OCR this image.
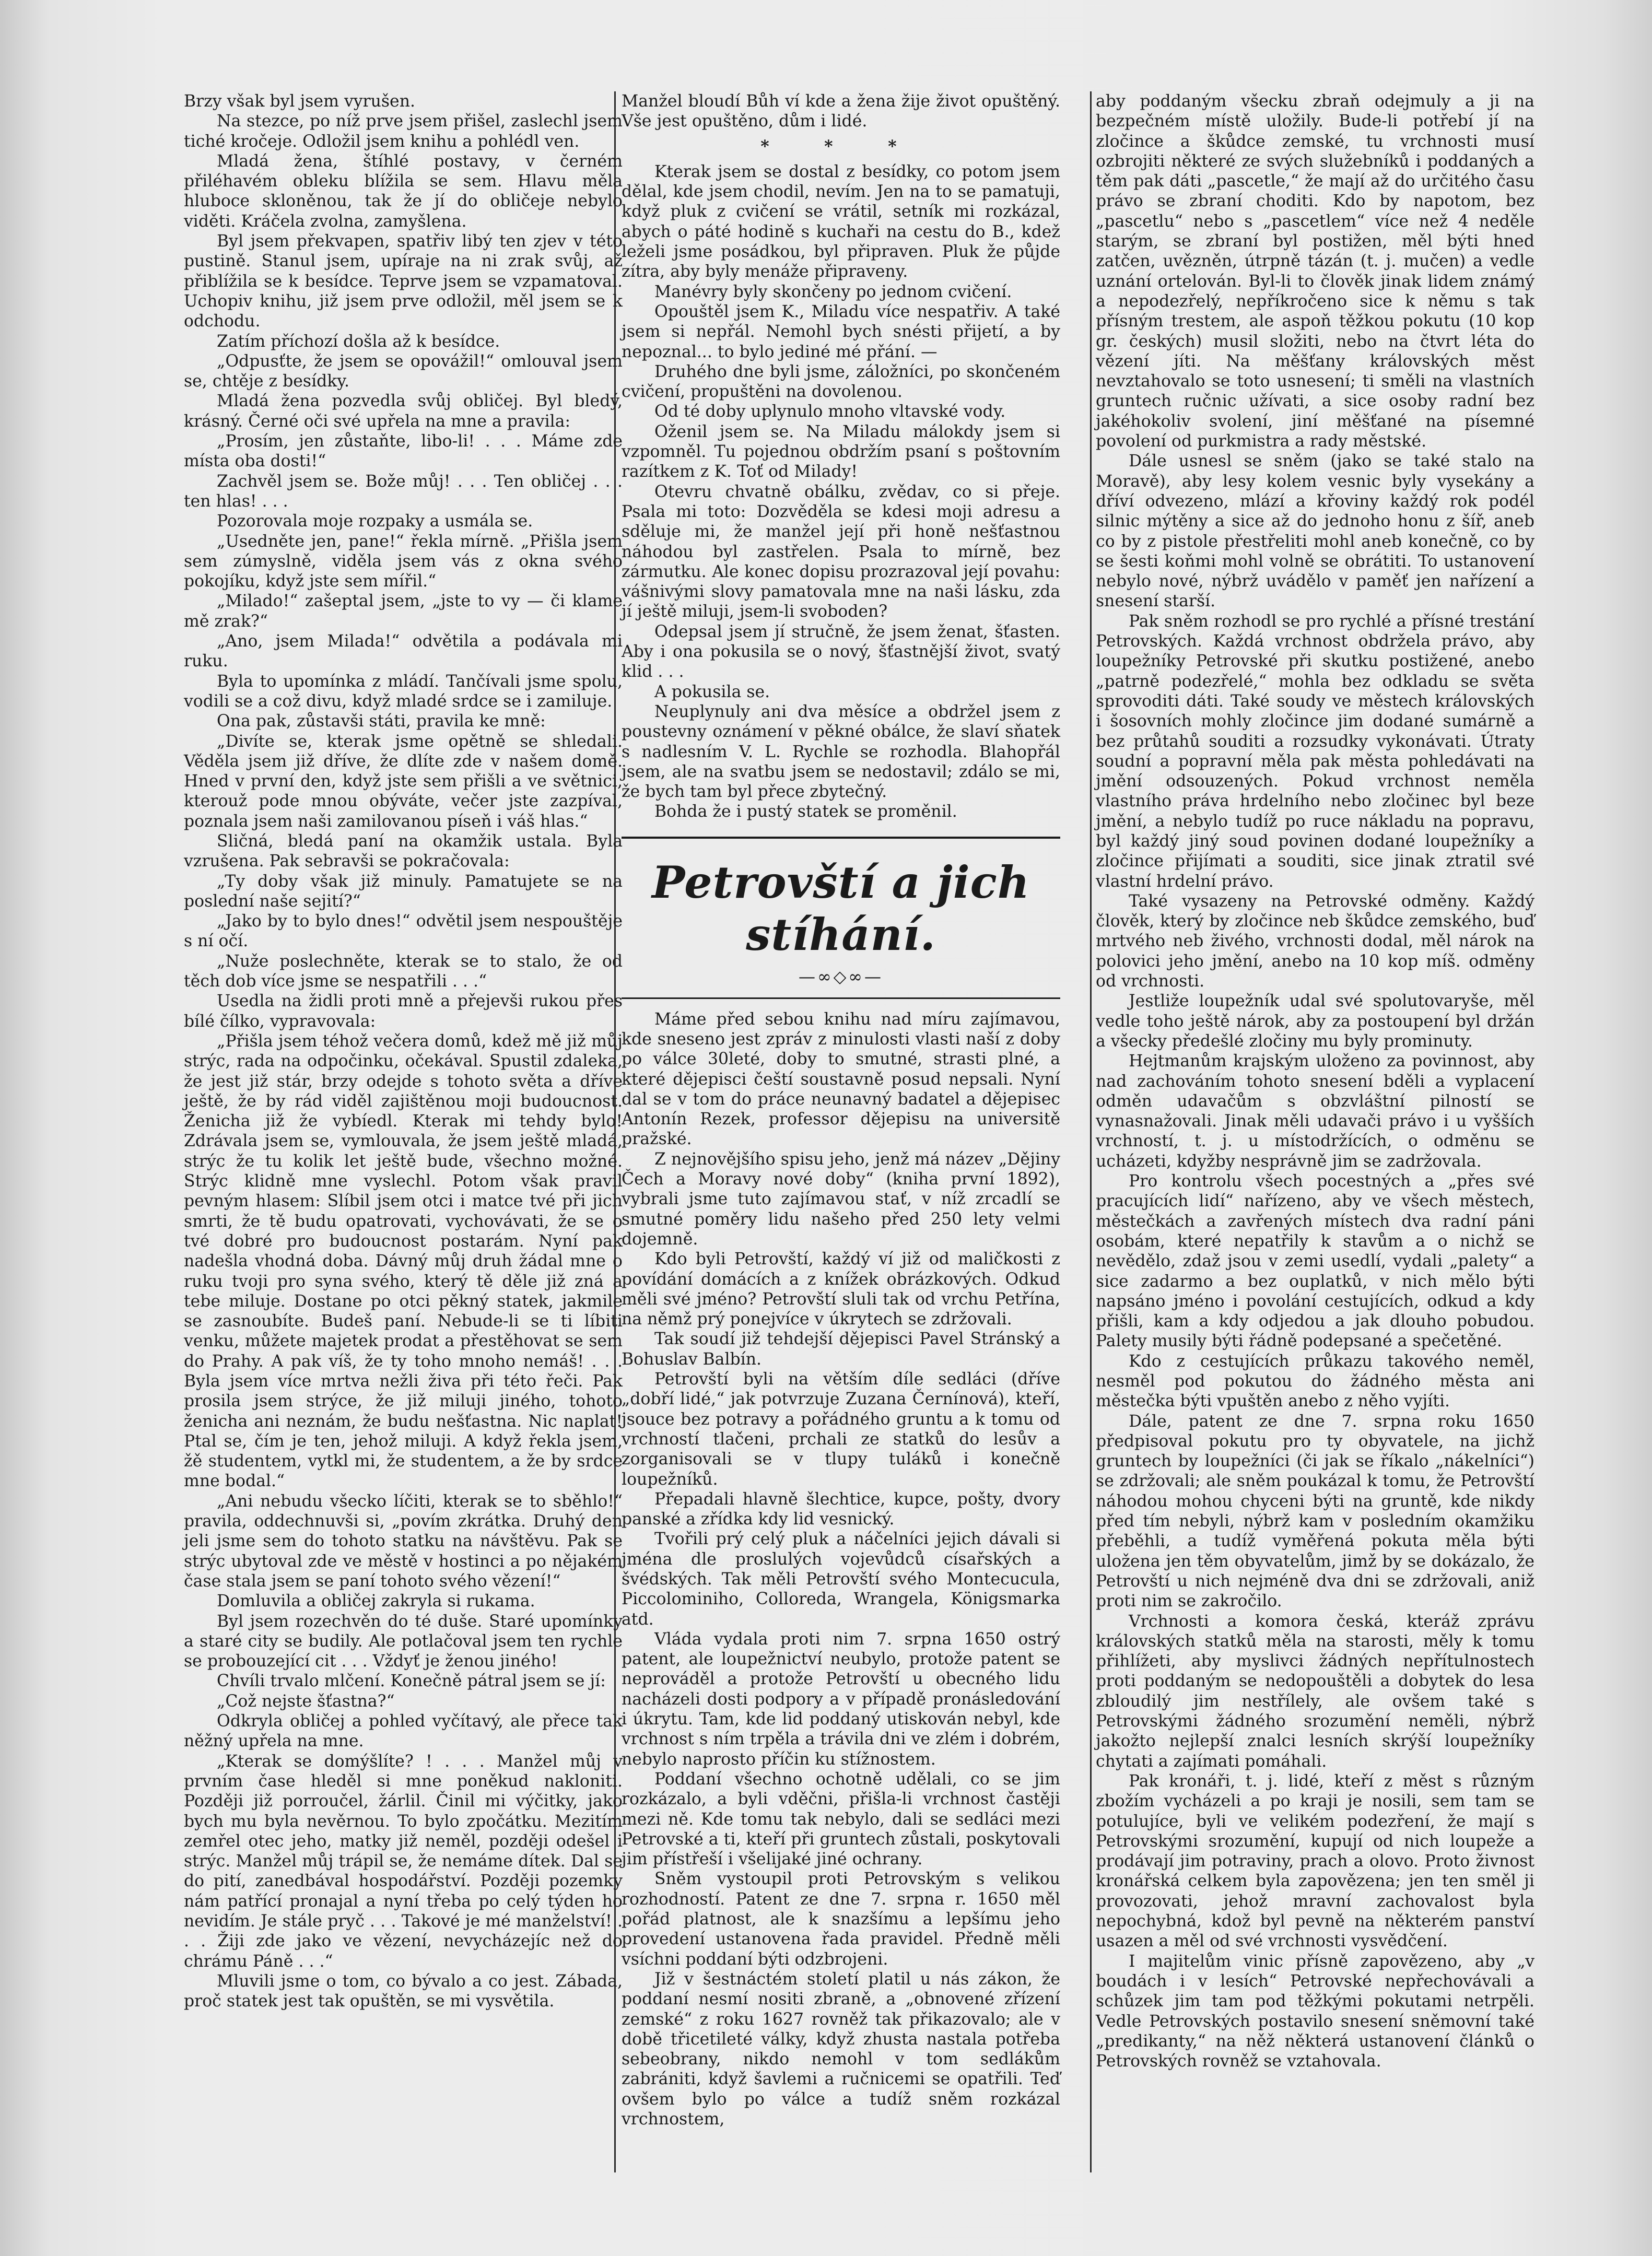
Brzy však byl jsem vyrušen.

Na stezce, po níž prve jsem přišel, zaslechl jsem tiché kročeje. Odložil jsem knihu a pohlédl ven.

Mladá žena, štíhlé postavy, v černém přiléhavém obleku blížila se sem. Hlavu měla hluboce skloněnou, tak že jí do obličeje nebylo viděti. Kráčela zvolna, zamyšlena.

Byl jsem překvapen, spatřiv libý ten zjev v této pustině. Stanul jsem, upíraje na ni zrak svůj, až přiblížila se k besídce. Teprve jsem se vzpamatoval. Uchopiv knihu, již jsem prve odložil, měl jsem se k odchodu.

Zatím příchozí došla až k besídce.

„Odpusťte, že jsem se opovážil!“ omlouval jsem se, chtěje z besídky.

Mladá žena pozvedla svůj obličej. Byl bledý, krásný. Černé oči své upřela na mne a pravila:

„Prosím, jen zůstaňte, libo-li! . . . Máme zde místa oba dosti!“

Zachvěl jsem se. Bože můj! . . . Ten obličej . . . ten hlas! . . .

Pozorovala moje rozpaky a usmála se.

„Usedněte jen, pane!“ řekla mírně. „Přišla jsem sem zúmyslně, viděla jsem vás z okna svého pokojíku, když jste sem mířil.“

„Milado!“ zašeptal jsem, „jste to vy — či klame mě zrak?“

„Ano, jsem Milada!“ odvětila a podávala mi ruku.

Byla to upomínka z mládí. Tančívali jsme spolu, vodili se a což divu, když mladé srdce se i zamiluje.

Ona pak, zůstavši státi, pravila ke mně:

„Divíte se, kterak jsme opětně se shledali. Věděla jsem již dříve, že dlíte zde v našem domě. Hned v první den, když jste sem přišli a ve světnici, kterouž pode mnou obýváte, večer jste zazpíval, poznala jsem naši zamilovanou píseň i váš hlas.“

Sličná, bledá paní na okamžik ustala. Byla vzrušena. Pak sebravši se pokračovala:

„Ty doby však již minuly. Pamatujete se na poslední naše sejití?“

„Jako by to bylo dnes!“ odvětil jsem nespouštěje s ní očí.

„Nuže poslechněte, kterak se to stalo, že od těch dob více jsme se nespatřili . . .“

Usedla na židli proti mně a přejevši rukou přes bílé čílko, vypravovala:

„Přišla jsem téhož večera domů, kdež mě již můj strýc, rada na odpočinku, očekával. Spustil zdaleka, že jest již stár, brzy odejde s tohoto světa a dříve ještě, že by rád viděl zajištěnou moji budoucnost. Ženicha již že vybíedl. Kterak mi tehdy bylo! Zdrávala jsem se, vymlouvala, že jsem ještě mladá, strýc že tu kolik let ještě bude, všechno možné. Strýc klidně mne vyslechl. Potom však pravil pevným hlasem: Slíbil jsem otci i matce tvé při jich smrti, že tě budu opatrovati, vychovávati, že se o tvé dobré pro budoucnost postarám. Nyní pak nadešla vhodná doba. Dávný můj druh žádal mne o ruku tvoji pro syna svého, který tě děle již zná a tebe miluje. Dostane po otci pěkný statek, jakmile se zasnoubíte. Budeš paní. Nebude-li se ti líbiti venku, můžete majetek prodat a přestěhovat se sem do Prahy. A pak víš, že ty toho mnoho nemáš! . . . Byla jsem více mrtva nežli živa při této řeči. Pak prosila jsem strýce, že již miluji jiného, tohoto ženicha ani neznám, že budu nešťastna. Nic naplat! Ptal se, čím je ten, jehož miluji. A když řekla jsem, žě studentem, vytkl mi, že studentem, a že by srdce mne bodal.“

„Ani nebudu všecko líčiti, kterak se to sběhlo!“ pravila, oddechnuvši si, „povím zkrátka. Druhý den jeli jsme sem do tohoto statku na návštěvu. Pak se strýc ubytoval zde ve městě v hostinci a po nějakém čase stala jsem se paní tohoto svého vězení!“

Domluvila a obličej zakryla si rukama.

Byl jsem rozechvěn do té duše. Staré upomínky a staré city se budily. Ale potlačoval jsem ten rychle se probouzející cit . . . Vždyť je ženou jiného!

Chvíli trvalo mlčení. Konečně pátral jsem se jí:

„Což nejste šťastna?“

Odkryla obličej a pohled vyčítavý, ale přece tak něžný upřela na mne.

„Kterak se domýšlíte? ! . . . Manžel můj v prvním čase hleděl si mne poněkud nakloniti. Později již porroučel, žárlil. Činil mi výčitky, jako bych mu byla nevěrnou. To bylo zpočátku. Mezitím zemřel otec jeho, matky již neměl, později odešel i strýc. Manžel můj trápil se, že nemáme dítek. Dal se do pití, zanedbával hospodářství. Později pozemky nám patřící pronajal a nyní třeba po celý týden ho nevidím. Je stále pryč . . . Takové je mé manželství! . . . Žiji zde jako ve vězení, nevycházejíc než do chrámu Páně . . .“

Mluvili jsme o tom, co bývalo a co jest. Zábada, proč statek jest tak opuštěn, se mi vysvětila.

Manžel bloudí Bůh ví kde a žena žije život opuštěný. Vše jest opuštěno, dům i lidé.

* * *

Kterak jsem se dostal z besídky, co potom jsem dělal, kde jsem chodil, nevím. Jen na to se pamatuji, když pluk z cvičení se vrátil, setník mi rozkázal, abych o páté hodině s kuchaři na cestu do B., kdež leželi jsme posádkou, byl připraven. Pluk že půjde zítra, aby byly menáže připraveny.

Manévry byly skončeny po jednom cvičení.

Opouštěl jsem K., Miladu více nespatřiv. A také jsem si nepřál. Nemohl bych snésti přijetí, a by nepoznal... to bylo jediné mé přání. —

Druhého dne byli jsme, záložníci, po skončeném cvičení, propuštěni na dovolenou.

Od té doby uplynulo mnoho vltavské vody.

Oženil jsem se. Na Miladu málokdy jsem si vzpomněl. Tu pojednou obdržím psaní s poštovním razítkem z K. Toť od Milady!

Otevru chvatně obálku, zvědav, co si přeje. Psala mi toto: Dozvěděla se kdesi moji adresu a sděluje mi, že manžel její při honě nešťastnou náhodou byl zastřelen. Psala to mírně, bez zármutku. Ale konec dopisu prozrazoval její povahu: vášnivými slovy pamatovala mne na naši lásku, zda jí ještě miluji, jsem-li svoboden?

Odepsal jsem jí stručně, že jsem ženat, šťasten. Aby i ona pokusila se o nový, šťastnější život, svatý klid . . .

A pokusila se.

Neuplynuly ani dva měsíce a obdržel jsem z poustevny oznámení v pěkné obálce, že slaví sňatek s nadlesním V. L. Rychle se rozhodla. Blahopřál jsem, ale na svatbu jsem se nedostavil; zdálo se mi, že bych tam byl přece zbytečný.

Bohda že i pustý statek se proměnil.

Petrovští a jich stíhání.
—∞◇∞—

Máme před sebou knihu nad míru zajímavou, kde sneseno jest zpráv z minulosti vlasti naší z doby po válce 30leté, doby to smutné, strasti plné, a které dějepisci čeští soustavně posud nepsali. Nyní dal se v tom do práce neunavný badatel a dějepisec Antonín Rezek, professor dějepisu na universitě pražské.

Z nejnovějšího spisu jeho, jenž má název „Dějiny Čech a Moravy nové doby“ (kniha první 1892), vybrali jsme tuto zajímavou stať, v níž zrcadlí se smutné poměry lidu našeho před 250 lety velmi dojemně.

Kdo byli Petrovští, každý ví již od maličkosti z povídání domácích a z knížek obrázkových. Odkud měli své jméno? Petrovští sluli tak od vrchu Petřína, na němž prý ponejvíce v úkrytech se zdržovali.

Tak soudí již tehdejší dějepisci Pavel Stránský a Bohuslav Balbín.

Petrovští byli na větším díle sedláci (dříve „dobří lidé,“ jak potvrzuje Zuzana Černínová), kteří, jsouce bez potravy a pořádného gruntu a k tomu od vrchností tlačeni, prchali ze statků do lesův a zorganisovali se v tlupy tuláků i konečně loupežníků.

Přepadali hlavně šlechtice, kupce, pošty, dvory panské a zřídka kdy lid vesnický.

Tvořili prý celý pluk a náčelníci jejich dávali si jména dle proslulých vojevůdců císařských a švédských. Tak měli Petrovští svého Montecucula, Piccolominiho, Colloreda, Wrangela, Königsmarka atd.

Vláda vydala proti nim 7. srpna 1650 ostrý patent, ale loupežnictví neubylo, protože patent se neprováděl a protože Petrovští u obecného lidu nacházeli dosti podpory a v případě pronásledování i úkrytu. Tam, kde lid poddaný utiskován nebyl, kde vrchnost s ním trpěla a trávila dni ve zlém i dobrém, nebylo naprosto příčin ku stížnostem.

Poddaní všechno ochotně udělali, co se jim rozkázalo, a byli vděčni, přišla-li vrchnost častěji mezi ně. Kde tomu tak nebylo, dali se sedláci mezi Petrovské a ti, kteří při gruntech zůstali, poskytovali jim přístřeší i všelijaké jiné ochrany.

Sněm vystoupil proti Petrovským s velikou rozhodností. Patent ze dne 7. srpna r. 1650 měl pořád platnost, ale k snazšímu a lepšímu jeho provedení ustanovena řada pravidel. Předně měli vsíchni poddaní býti odzbrojeni.

Již v šestnáctém století platil u nás zákon, že poddaní nesmí nositi zbraně, a „obnovené zřízení zemské“ z roku 1627 rovněž tak přikazovalo; ale v době třicetileté války, když zhusta nastala potřeba sebeobrany, nikdo nemohl v tom sedlákům zabrániti, když šavlemi a ručnicemi se opatřili. Teď ovšem bylo po válce a tudíž sněm rozkázal vrchnostem,

aby poddaným všecku zbraň odejmuly a ji na bezpečném místě uložily. Bude-li potřebí jí na zločince a škůdce zemské, tu vrchnosti musí ozbrojiti některé ze svých služebníků i poddaných a těm pak dáti „pascetle,“ že mají až do určitého času právo se zbraní choditi. Kdo by napotom, bez „pascetlu“ nebo s „pascetlem“ více než 4 neděle starým, se zbraní byl postižen, měl býti hned zatčen, uvězněn, útrpně tázán (t. j. mučen) a vedle uznání ortelován. Byl-li to člověk jinak lidem známý a nepodezřelý, nepříkročeno sice k němu s tak přísným trestem, ale aspoň těžkou pokutu (10 kop gr. českých) musil složiti, nebo na čtvrt léta do vězení jíti. Na měšťany královských měst nevztahovalo se toto usnesení; ti směli na vlastních gruntech ručnic užívati, a sice osoby radní bez jakéhokoliv svolení, jiní měšťané na písemné povolení od purkmistra a rady městské.

Dále usnesl se sněm (jako se také stalo na Moravě), aby lesy kolem vesnic byly vysekány a dříví odvezeno, mlází a křoviny každý rok podél silnic mýtěny a sice až do jednoho honu z šíř, aneb co by z pistole přestřeliti mohl aneb konečně, co by se šesti koňmi mohl volně se obrátiti. To ustanovení nebylo nové, nýbrž uvádělo v paměť jen nařízení a snesení starší.

Pak sněm rozhodl se pro rychlé a přísné trestání Petrovských. Každá vrchnost obdržela právo, aby loupežníky Petrovské při skutku postižené, anebo „patrně podezřelé,“ mohla bez odkladu se světa sprovoditi dáti. Také soudy ve městech královských i šosovních mohly zločince jim dodané sumárně a bez průtahů souditi a rozsudky vykonávati. Útraty soudní a popravní měla pak města pohledávati na jmění odsouzených. Pokud vrchnost neměla vlastního práva hrdelního nebo zločinec byl beze jmění, a nebylo tudíž po ruce nákladu na popravu, byl každý jiný soud povinen dodané loupežníky a zločince přijímati a souditi, sice jinak ztratil své vlastní hrdelní právo.

Také vysazeny na Petrovské odměny. Každý člověk, který by zločince neb škůdce zemského, buď mrtvého neb živého, vrchnosti dodal, měl nárok na polovici jeho jmění, anebo na 10 kop míš. odměny od vrchnosti.

Jestliže loupežník udal své spolutovaryše, měl vedle toho ještě nárok, aby za postoupení byl držán a všecky předešlé zločiny mu byly prominuty.

Hejtmanům krajským uloženo za povinnost, aby nad zachováním tohoto snesení bděli a vyplacení odměn udavačům s obzvláštní pilností se vynasnažovali. Jinak měli udavači právo i u vyšších vrchností, t. j. u místodržících, o odměnu se ucházeti, kdyžby nesprávně jim se zadržovala.

Pro kontrolu všech pocestných a „přes své pracujících lidí“ nařízeno, aby ve všech městech, městečkách a zavřených místech dva radní páni osobám, které nepatřily k stavům a o nichž se nevědělo, zdaž jsou v zemi usedlí, vydali „palety“ a sice zadarmo a bez ouplatků, v nich mělo býti napsáno jméno i povolání cestujících, odkud a kdy přišli, kam a kdy odjedou a jak dlouho pobudou. Palety musily býti řádně podepsané a spečetěné.

Kdo z cestujících průkazu takového neměl, nesměl pod pokutou do žádného města ani městečka býti vpuštěn anebo z něho vyjíti.

Dále, patent ze dne 7. srpna roku 1650 předpisoval pokutu pro ty obyvatele, na jichž gruntech by loupežníci (či jak se říkalo „nákelníci“) se zdržovali; ale sněm poukázal k tomu, že Petrovští náhodou mohou chyceni býti na gruntě, kde nikdy před tím nebyli, nýbrž kam v posledním okamžiku přeběhli, a tudíž vyměřená pokuta měla býti uložena jen těm obyvatelům, jimž by se dokázalo, že Petrovští u nich nejméně dva dni se zdržovali, aniž proti nim se zakročilo.

Vrchnosti a komora česká, kteráž zprávu královských statků měla na starosti, měly k tomu přihlížeti, aby myslivci žádných nepřítulnostech proti poddaným se nedopouštěli a dobytek do lesa zbloudilý jim nestřílely, ale ovšem také s Petrovskými žádného srozumění neměli, nýbrž jakožto nejlepší znalci lesních skrýší loupežníky chytati a zajímati pomáhali.

Pak kronáři, t. j. lidé, kteří z měst s různým zbožím vycházeli a po kraji je nosili, sem tam se potulujíce, byli ve velikém podezření, že mají s Petrovskými srozumění, kupují od nich loupeže a prodávají jim potraviny, prach a olovo. Proto živnost kronářská celkem byla zapovězena; jen ten směl ji provozovati, jehož mravní zachovalost byla nepochybná, kdož byl pevně na některém panství usazen a měl od své vrchnosti vysvědčení.

I majitelům vinic přísně zapovězeno, aby „v boudách i v lesích“ Petrovské nepřechovávali a schůzek jim tam pod těžkými pokutami netrpěli. Vedle Petrovských postavilo snesení sněmovní také „predikanty,“ na něž některá ustanovení článků o Petrovských rovněž se vztahovala.
